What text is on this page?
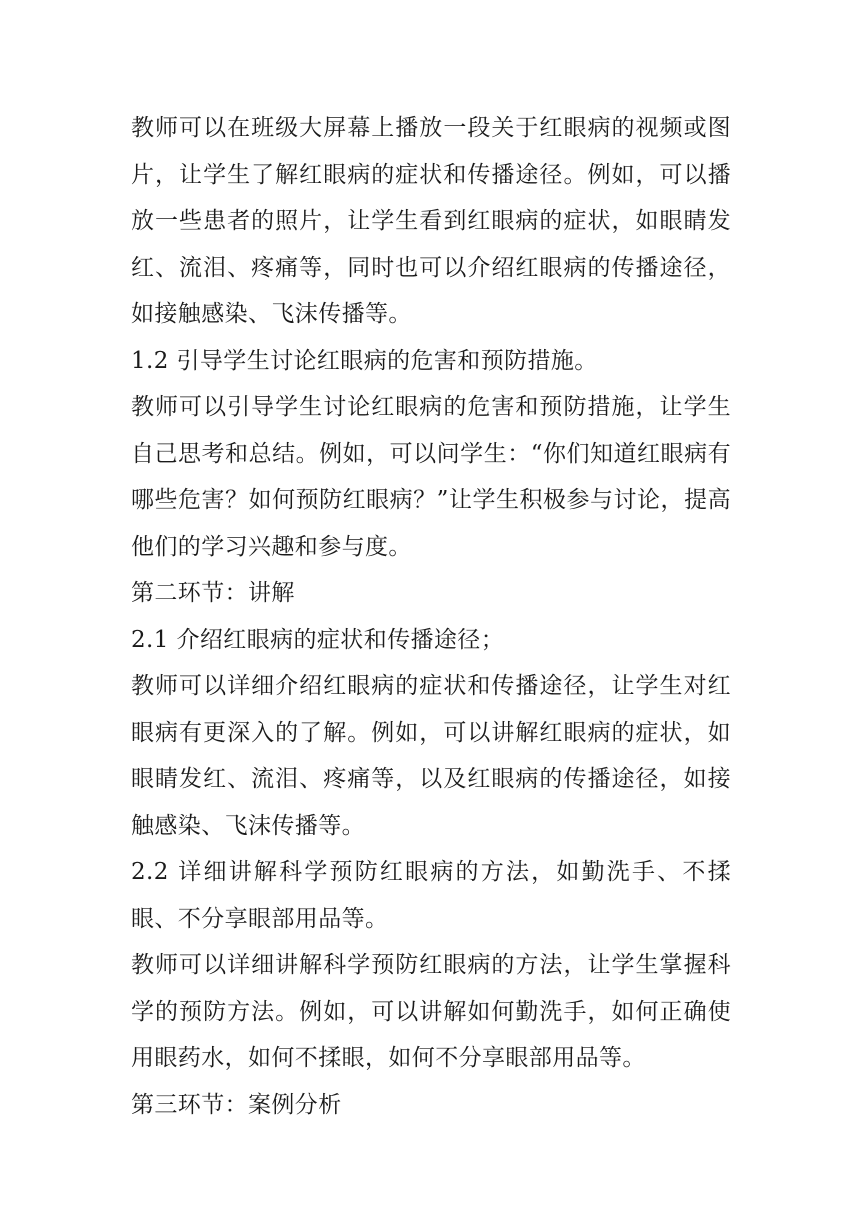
教师可以在班级大屏幕上播放一段关于红眼病的视频或图片，让学生了解红眼病的症状和传播途径。例如，可以播放一些患者的照片，让学生看到红眼病的症状，如眼睛发红、流泪、疼痛等，同时也可以介绍红眼病的传播途径，如接触感染、飞沫传播等。

1.2 引导学生讨论红眼病的危害和预防措施。

教师可以引导学生讨论红眼病的危害和预防措施，让学生自己思考和总结。例如，可以问学生：“你们知道红眼病有哪些危害？如何预防红眼病？”让学生积极参与讨论，提高他们的学习兴趣和参与度。

第二环节：讲解

2.1 介绍红眼病的症状和传播途径；

教师可以详细介绍红眼病的症状和传播途径，让学生对红眼病有更深入的了解。例如，可以讲解红眼病的症状，如眼睛发红、流泪、疼痛等，以及红眼病的传播途径，如接触感染、飞沫传播等。

2.2 详细讲解科学预防红眼病的方法，如勤洗手、不揉眼、不分享眼部用品等。

教师可以详细讲解科学预防红眼病的方法，让学生掌握科学的预防方法。例如，可以讲解如何勤洗手，如何正确使用眼药水，如何不揉眼，如何不分享眼部用品等。

第三环节：案例分析
